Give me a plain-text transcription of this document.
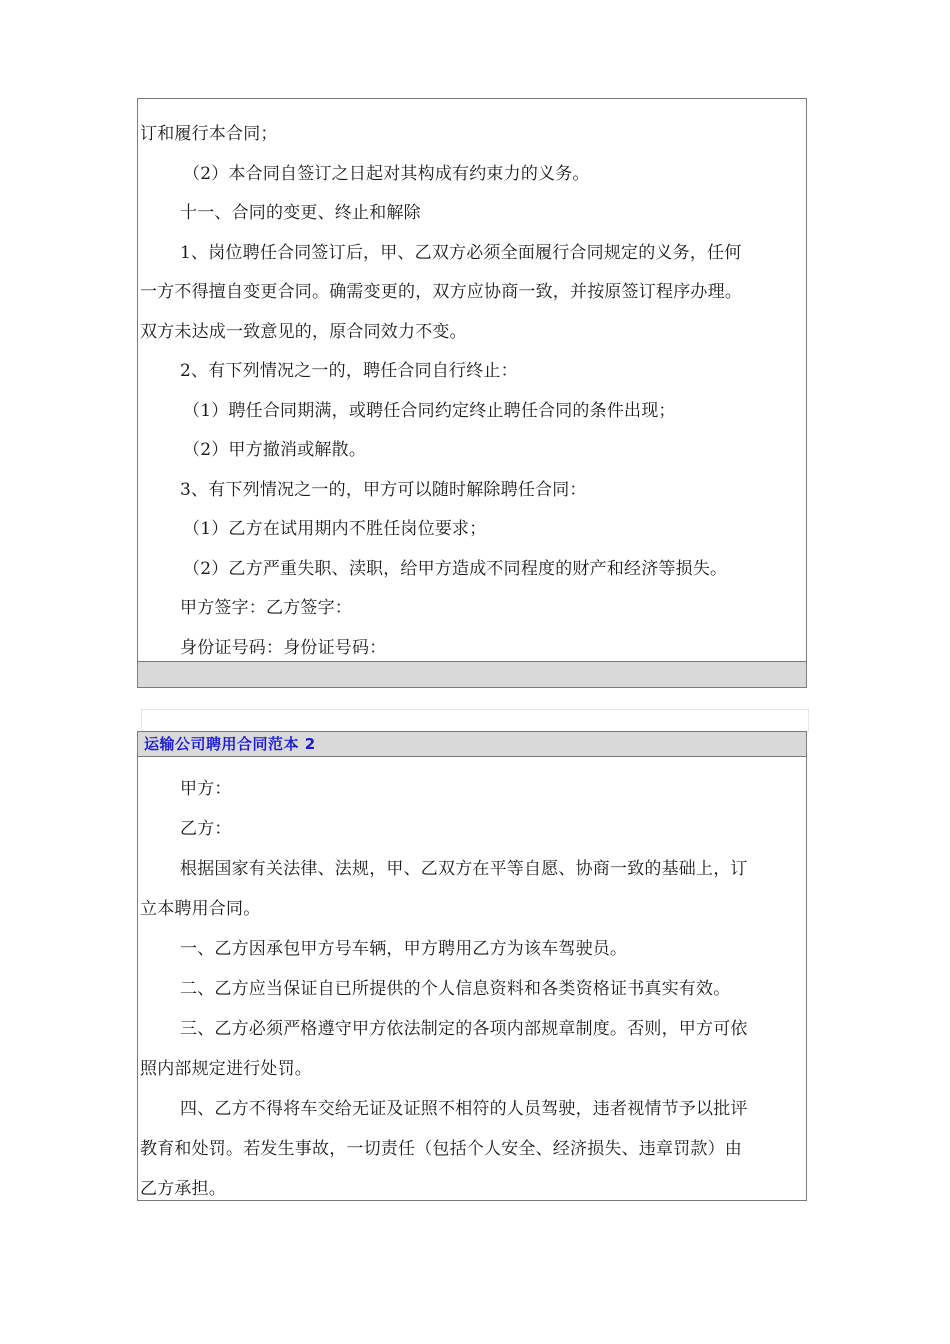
订和履行本合同；
（2）本合同自签订之日起对其构成有约束力的义务。
十一、合同的变更、终止和解除
1、岗位聘任合同签订后，甲、乙双方必须全面履行合同规定的义务，任何
一方不得擅自变更合同。确需变更的，双方应协商一致，并按原签订程序办理。
双方未达成一致意见的，原合同效力不变。
2、有下列情况之一的，聘任合同自行终止：
（1）聘任合同期满，或聘任合同约定终止聘任合同的条件出现；
（2）甲方撤消或解散。
3、有下列情况之一的，甲方可以随时解除聘任合同：
（1）乙方在试用期内不胜任岗位要求；
（2）乙方严重失职、渎职，给甲方造成不同程度的财产和经济等损失。
甲方签字：乙方签字：
身份证号码：身份证号码：
运输公司聘用合同范本 2
甲方：
乙方：
根据国家有关法律、法规，甲、乙双方在平等自愿、协商一致的基础上，订
立本聘用合同。
一、乙方因承包甲方号车辆，甲方聘用乙方为该车驾驶员。
二、乙方应当保证自已所提供的个人信息资料和各类资格证书真实有效。
三、乙方必须严格遵守甲方依法制定的各项内部规章制度。否则，甲方可依
照内部规定进行处罚。
四、乙方不得将车交给无证及证照不相符的人员驾驶，违者视情节予以批评
教育和处罚。若发生事故，一切责任（包括个人安全、经济损失、违章罚款）由
乙方承担。
